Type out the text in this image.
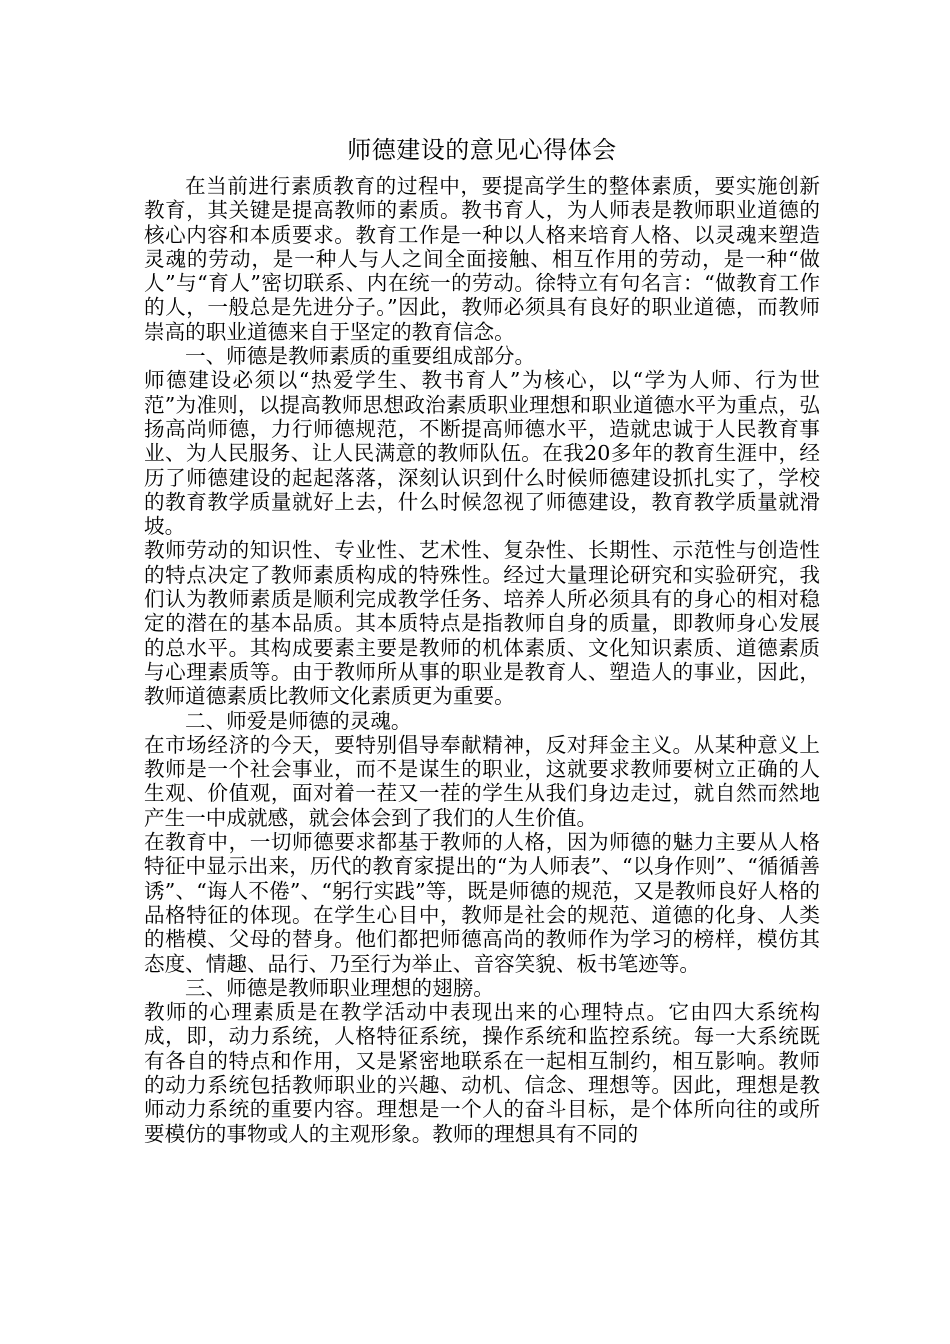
师德建设的意见心得体会

在当前进行素质教育的过程中，要提高学生的整体素质，要实施创新教育，其关键是提高教师的素质。教书育人，为人师表是教师职业道德的核心内容和本质要求。教育工作是一种以人格来培育人格、以灵魂来塑造灵魂的劳动，是一种人与人之间全面接触、相互作用的劳动，是一种“做人”与“育人”密切联系、内在统一的劳动。徐特立有句名言：“做教育工作的人，一般总是先进分子。”因此，教师必须具有良好的职业道德，而教师崇高的职业道德来自于坚定的教育信念。

一、师德是教师素质的重要组成部分。

师德建设必须以“热爱学生、教书育人”为核心，以“学为人师、行为世范”为准则，以提高教师思想政治素质职业理想和职业道德水平为重点，弘扬高尚师德，力行师德规范，不断提高师德水平，造就忠诚于人民教育事业、为人民服务、让人民满意的教师队伍。在我20多年的教育生涯中，经历了师德建设的起起落落，深刻认识到什么时候师德建设抓扎实了，学校的教育教学质量就好上去，什么时候忽视了师德建设，教育教学质量就滑坡。

教师劳动的知识性、专业性、艺术性、复杂性、长期性、示范性与创造性的特点决定了教师素质构成的特殊性。经过大量理论研究和实验研究，我们认为教师素质是顺利完成教学任务、培养人所必须具有的身心的相对稳定的潜在的基本品质。其本质特点是指教师自身的质量，即教师身心发展的总水平。其构成要素主要是教师的机体素质、文化知识素质、道德素质与心理素质等。由于教师所从事的职业是教育人、塑造人的事业，因此，教师道德素质比教师文化素质更为重要。

二、师爱是师德的灵魂。

在市场经济的今天，要特别倡导奉献精神，反对拜金主义。从某种意义上教师是一个社会事业，而不是谋生的职业，这就要求教师要树立正确的人生观、价值观，面对着一茬又一茬的学生从我们身边走过，就自然而然地产生一中成就感，就会体会到了我们的人生价值。

在教育中，一切师德要求都基于教师的人格，因为师德的魅力主要从人格特征中显示出来，历代的教育家提出的“为人师表”、“以身作则”、“循循善诱”、“诲人不倦”、“躬行实践”等，既是师德的规范，又是教师良好人格的品格特征的体现。在学生心目中，教师是社会的规范、道德的化身、人类的楷模、父母的替身。他们都把师德高尚的教师作为学习的榜样，模仿其态度、情趣、品行、乃至行为举止、音容笑貌、板书笔迹等。

三、师德是教师职业理想的翅膀。

教师的心理素质是在教学活动中表现出来的心理特点。它由四大系统构成，即，动力系统，人格特征系统，操作系统和监控系统。每一大系统既有各自的特点和作用，又是紧密地联系在一起相互制约，相互影响。教师的动力系统包括教师职业的兴趣、动机、信念、理想等。因此，理想是教师动力系统的重要内容。理想是一个人的奋斗目标，是个体所向往的或所要模仿的事物或人的主观形象。教师的理想具有不同的
